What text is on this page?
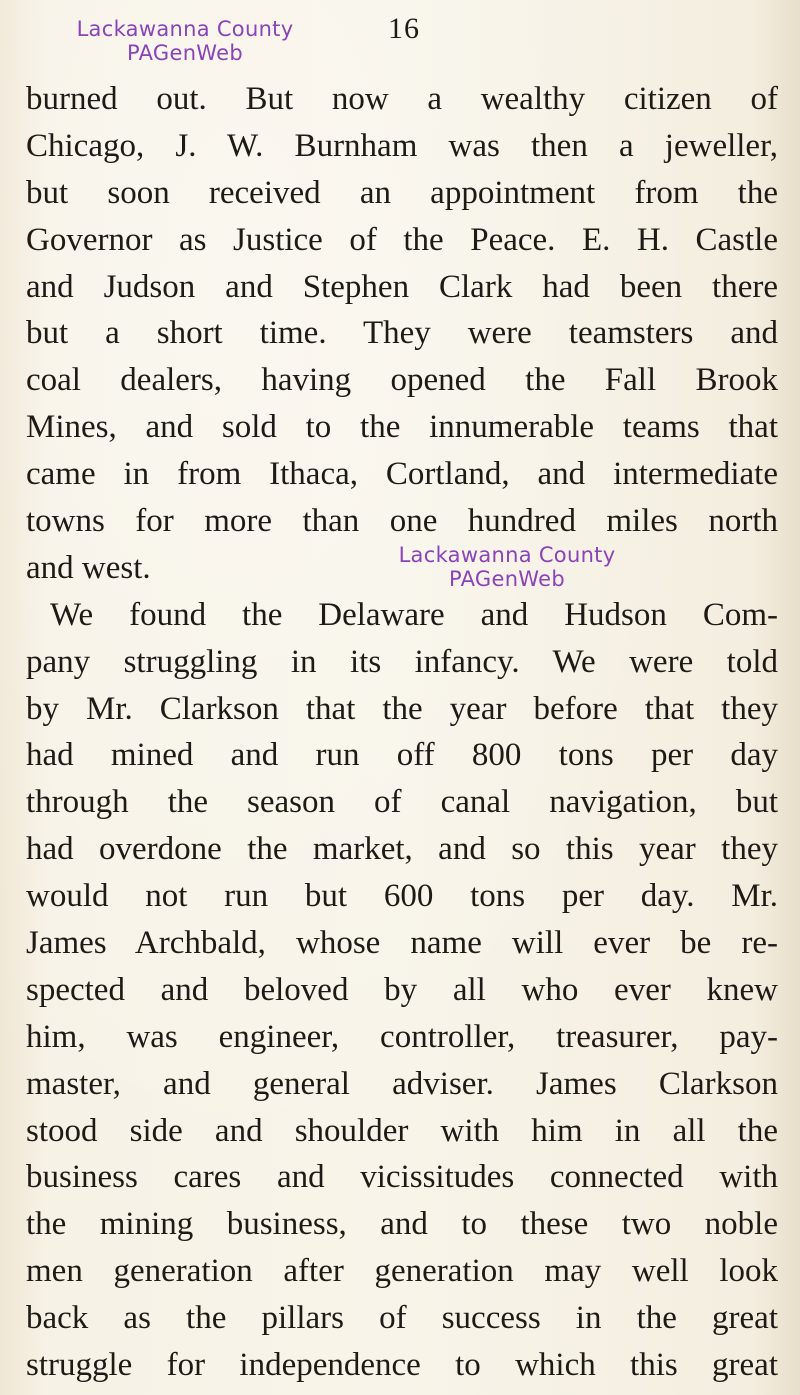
Lackawanna County
PAGenWeb
16
Lackawanna County
PAGenWeb
burned out. But now a wealthy citizen of
Chicago, J. W. Burnham was then a jeweller,
but soon received an appointment from the
Governor as Justice of the Peace. E. H. Castle
and Judson and Stephen Clark had been there
but a short time. They were teamsters and
coal dealers, having opened the Fall Brook
Mines, and sold to the innumerable teams that
came in from Ithaca, Cortland, and intermediate
towns for more than one hundred miles north
and west.
We found the Delaware and Hudson Com-
pany struggling in its infancy. We were told
by Mr. Clarkson that the year before that they
had mined and run off 800 tons per day
through the season of canal navigation, but
had overdone the market, and so this year they
would not run but 600 tons per day. Mr.
James Archbald, whose name will ever be re-
spected and beloved by all who ever knew
him, was engineer, controller, treasurer, pay-
master, and general adviser. James Clarkson
stood side and shoulder with him in all the
business cares and vicissitudes connected with
the mining business, and to these two noble
men generation after generation may well look
back as the pillars of success in the great
struggle for independence to which this great
